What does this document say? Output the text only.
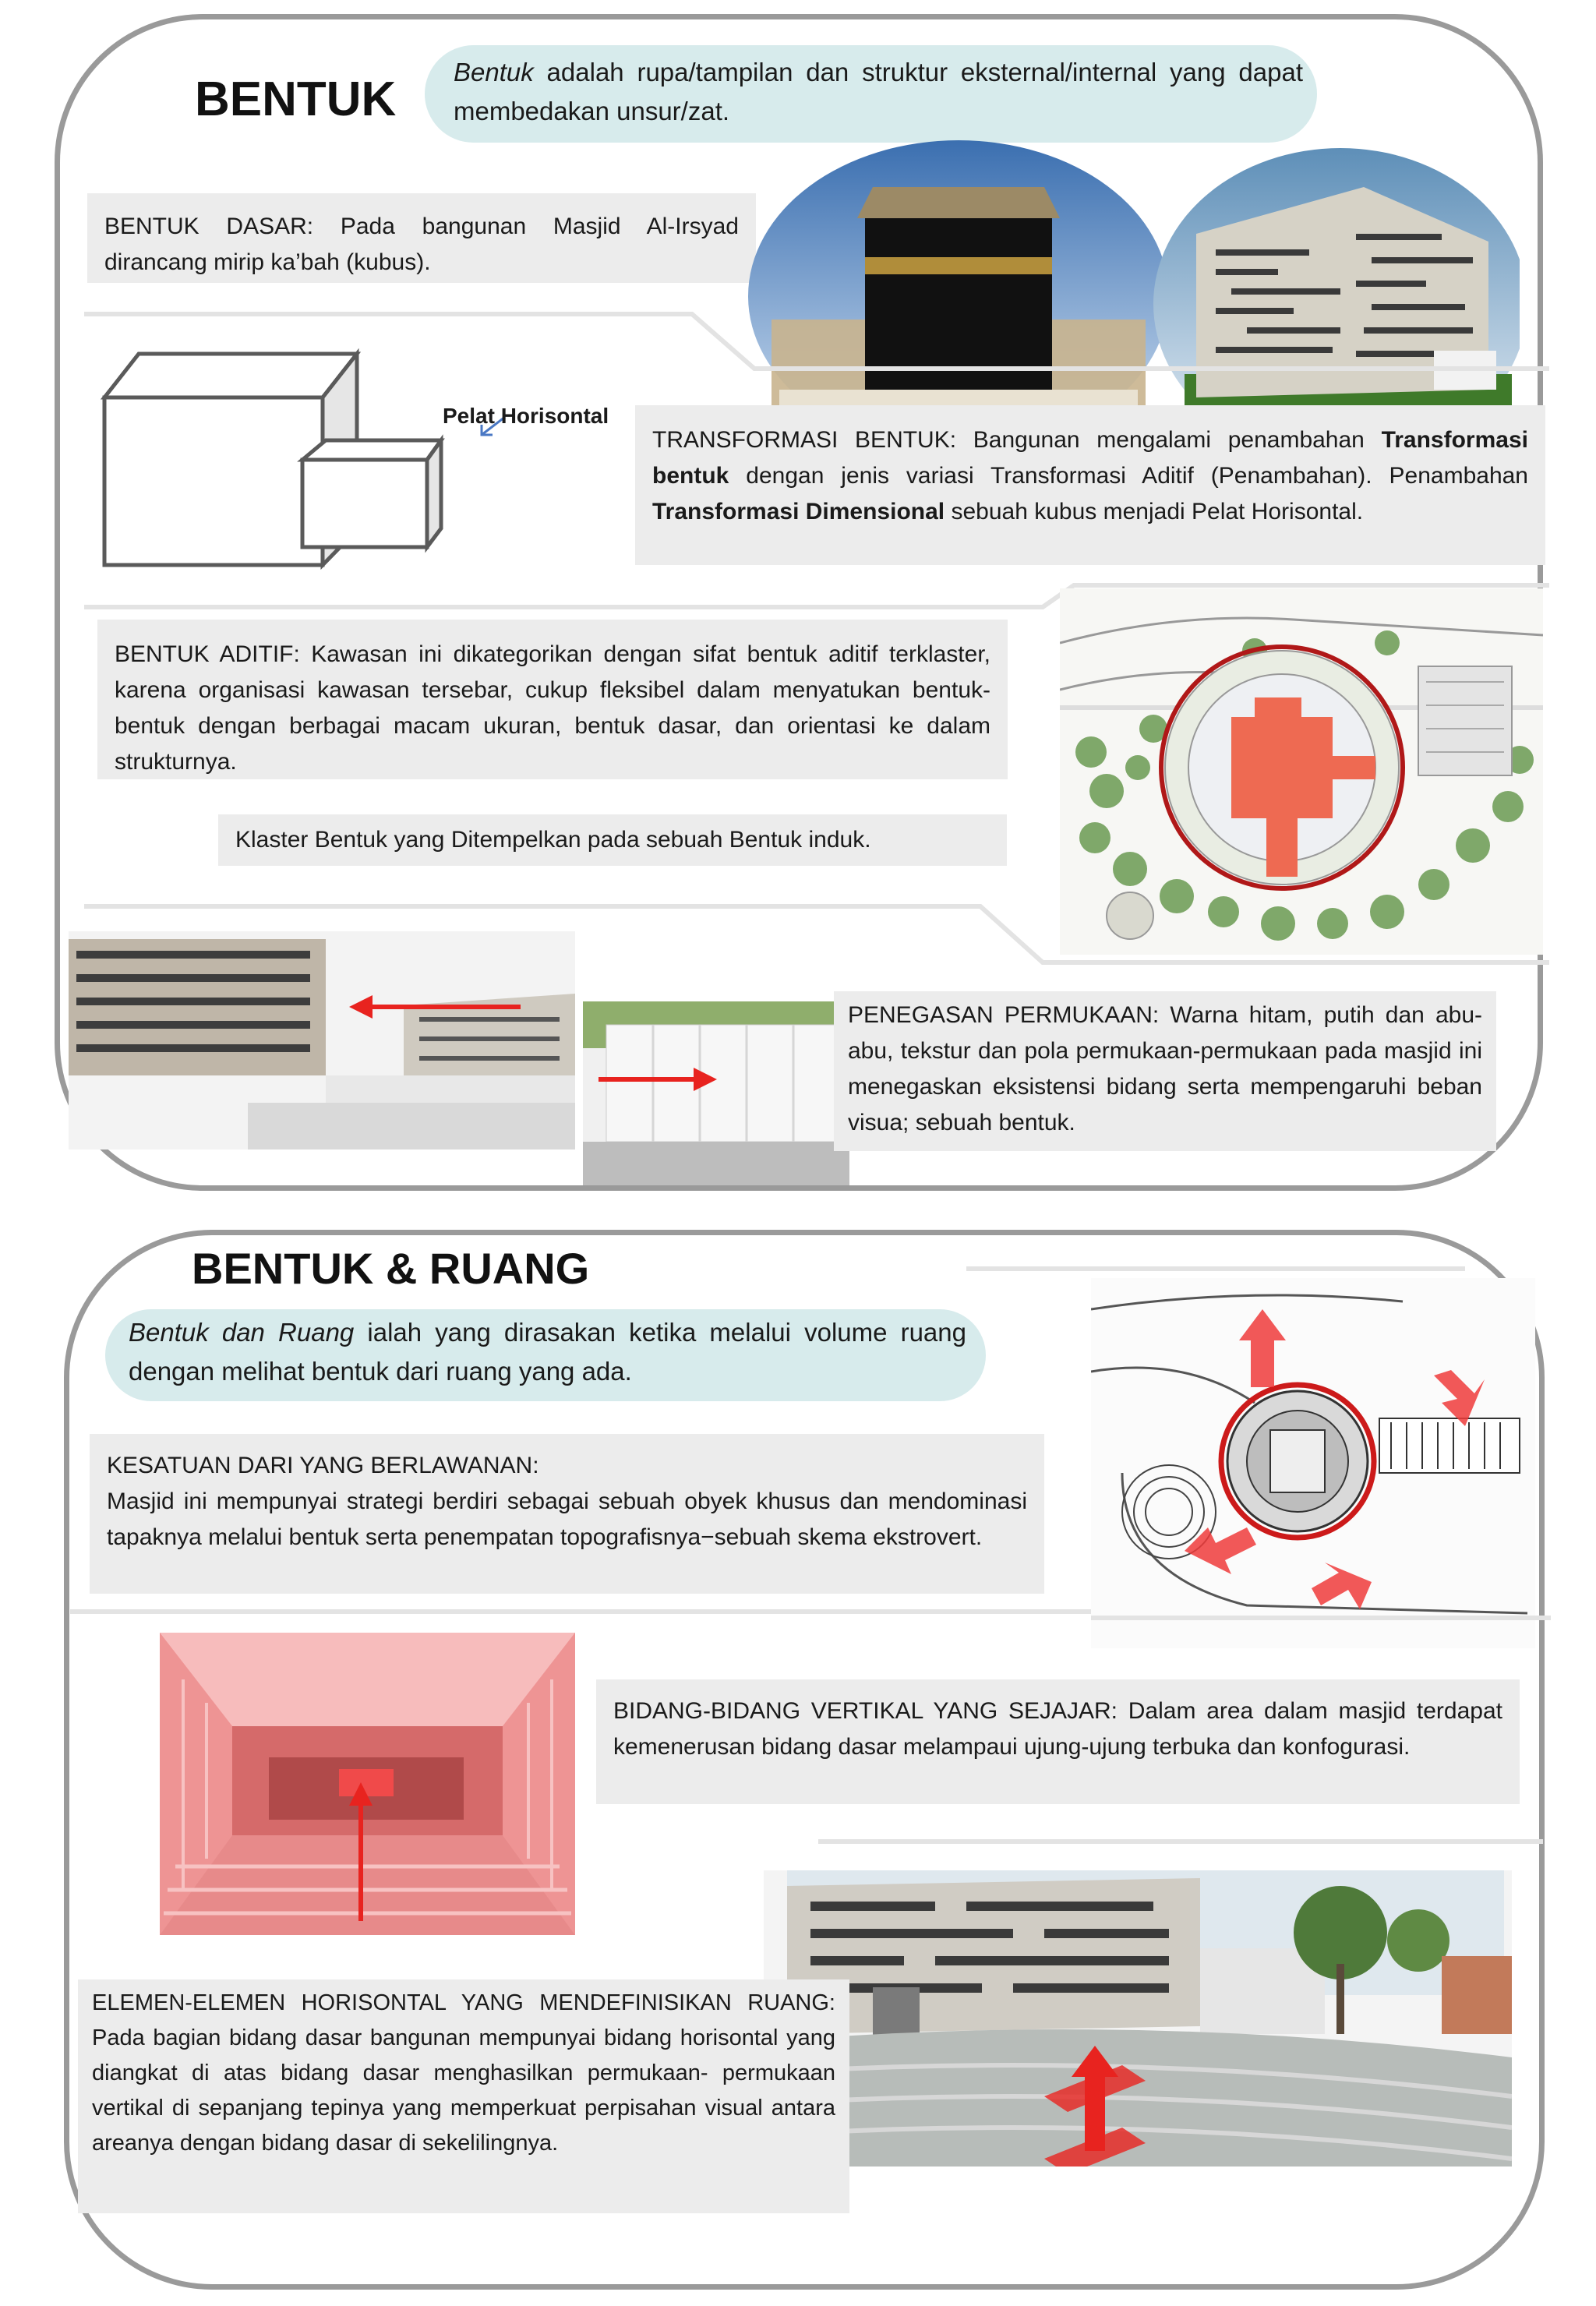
BENTUK
Bentuk adalah rupa/tampilan dan struktur eksternal/internal yang dapat membedakan unsur/zat.
BENTUK DASAR: Pada bangunan Masjid Al-Irsyad dirancang mirip ka’bah (kubus).
Pelat Horisontal
TRANSFORMASI BENTUK: Bangunan mengalami penambahan Transformasi bentuk dengan jenis variasi Transformasi Aditif (Penambahan). Penambahan Transformasi Dimensional sebuah kubus menjadi Pelat Horisontal.
BENTUK ADITIF: Kawasan ini dikategorikan dengan sifat bentuk aditif terklaster, karena organisasi kawasan tersebar, cukup fleksibel dalam menyatukan bentuk-bentuk dengan berbagai macam ukuran, bentuk dasar, dan orientasi ke dalam strukturnya.
Klaster Bentuk yang Ditempelkan pada sebuah Bentuk induk.
PENEGASAN PERMUKAAN: Warna hitam, putih dan abu-abu, tekstur dan pola permukaan-permukaan pada masjid ini menegaskan eksistensi bidang serta mempengaruhi beban visua; sebuah bentuk.
BENTUK & RUANG
Bentuk dan Ruang ialah yang dirasakan ketika melalui volume ruang dengan melihat bentuk dari ruang yang ada.
KESATUAN DARI YANG BERLAWANAN:
Masjid ini mempunyai strategi berdiri sebagai sebuah obyek khusus dan mendominasi tapaknya melalui bentuk serta penempatan topografisnya−sebuah skema ekstrovert.
BIDANG-BIDANG VERTIKAL YANG SEJAJAR: Dalam area dalam masjid terdapat kemenerusan bidang dasar melampaui ujung-ujung terbuka dan konfogurasi.
ELEMEN-ELEMEN HORISONTAL YANG MENDEFINISIKAN RUANG: Pada bagian bidang dasar bangunan mempunyai bidang horisontal yang diangkat di atas bidang dasar menghasilkan permukaan- permukaan vertikal di sepanjang tepinya yang memperkuat perpisahan visual antara areanya dengan bidang dasar di sekelilingnya.
